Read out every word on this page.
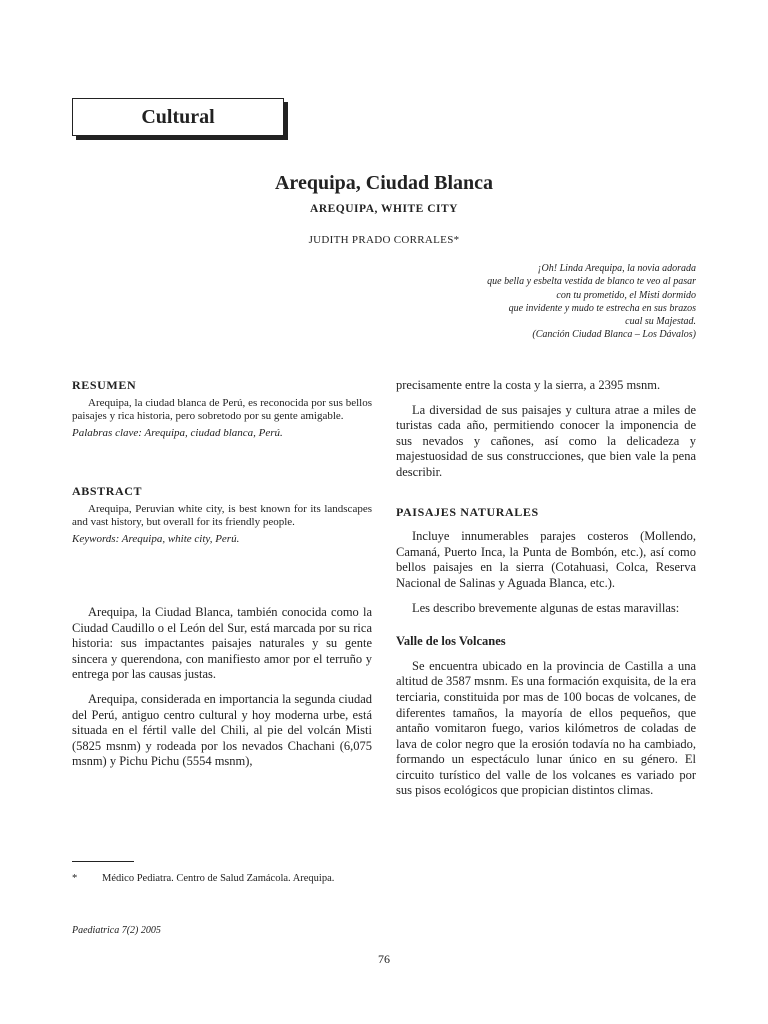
Cultural
Arequipa, Ciudad Blanca
AREQUIPA, WHITE CITY
JUDITH PRADO CORRALES*
¡Oh! Linda Arequipa, la novia adorada
que bella y esbelta vestida de blanco te veo al pasar
con tu prometido, el Misti dormido
que invidente y mudo te estrecha en sus brazos
cual su Majestad.
(Canción Ciudad Blanca – Los Dávalos)
RESUMEN

Arequipa, la ciudad blanca de Perú, es reconocida por sus bellos paisajes y rica historia, pero sobretodo por su gente amigable.

Palabras clave: Arequipa, ciudad blanca, Perú.

ABSTRACT

Arequipa, Peruvian white city, is best known for its landscapes and vast history, but overall for its friendly people.

Keywords: Arequipa, white city, Perú.

Arequipa, la Ciudad Blanca, también conocida como la Ciudad Caudillo o el León del Sur, está marcada por su rica historia: sus impactantes paisajes naturales y su gente sincera y querendona, con manifiesto amor por el terruño y entrega por las causas justas.

Arequipa, considerada en importancia la segunda ciudad del Perú, antiguo centro cultural y hoy moderna urbe, está situada en el fértil valle del Chili, al pie del volcán Misti (5825 msnm) y rodeada por los nevados Chachani (6,075 msnm) y Pichu Pichu (5554 msnm),

* Médico Pediatra. Centro de Salud Zamácola. Arequipa.
Paediatrica 7(2) 2005

precisamente entre la costa y la sierra, a 2395 msnm.

La diversidad de sus paisajes y cultura atrae a miles de turistas cada año, permitiendo conocer la imponencia de sus nevados y cañones, así como la delicadeza y majestuosidad de sus construcciones, que bien vale la pena describir.

PAISAJES NATURALES

Incluye innumerables parajes costeros (Mollendo, Camaná, Puerto Inca, la Punta de Bombón, etc.), así como bellos paisajes en la sierra (Cotahuasi, Colca, Reserva Nacional de Salinas y Aguada Blanca, etc.).

Les describo brevemente algunas de estas maravillas:

Valle de los Volcanes

Se encuentra ubicado en la provincia de Castilla a una altitud de 3587 msnm. Es una formación exquisita, de la era terciaria, constituida por mas de 100 bocas de volcanes, de diferentes tamaños, la mayoría de ellos pequeños, que antaño vomitaron fuego, varios kilómetros de coladas de lava de color negro que la erosión todavía no ha cambiado, formando un espectáculo lunar único en su género. El circuito turístico del valle de los volcanes es variado por sus pisos ecológicos que propician distintos climas.

76
